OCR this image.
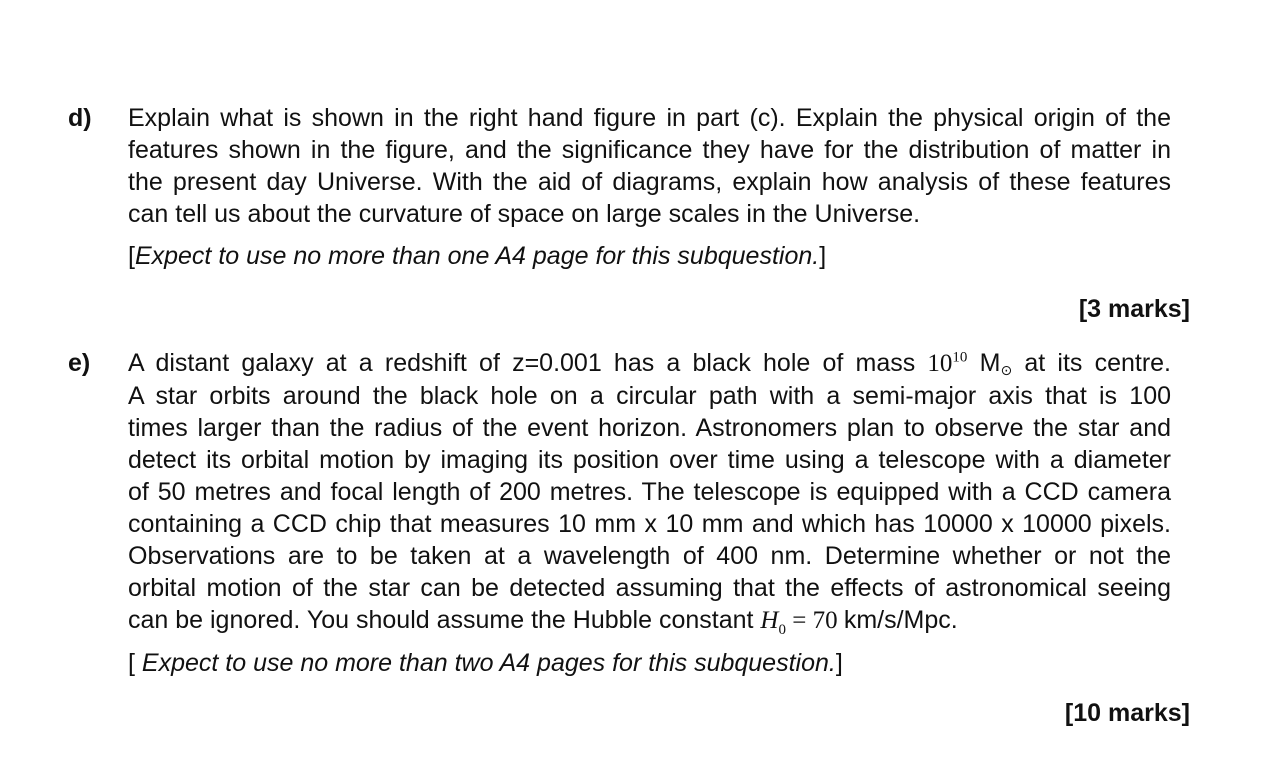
d) Explain what is shown in the right hand figure in part (c). Explain the physical origin of the
features shown in the figure, and the significance they have for the distribution of matter in
the present day Universe. With the aid of diagrams, explain how analysis of these features
can tell us about the curvature of space on large scales in the Universe.
[Expect to use no more than one A4 page for this subquestion.]
[3 marks]
e) A distant galaxy at a redshift of z=0.001 has a black hole of mass $10^{10}$ $M_⊙$ at its centre.
A star orbits around the black hole on a circular path with a semi-major axis that is 100
times larger than the radius of the event horizon. Astronomers plan to observe the star and
detect its orbital motion by imaging its position over time using a telescope with a diameter
of 50 metres and focal length of 200 metres. The telescope is equipped with a CCD camera
containing a CCD chip that measures 10 mm x 10 mm and which has 10000 x 10000 pixels.
Observations are to be taken at a wavelength of 400 nm. Determine whether or not the
orbital motion of the star can be detected assuming that the effects of astronomical seeing
can be ignored. You should assume the Hubble constant $H_0 = 70$ km/s/Mpc.
[ Expect to use no more than two A4 pages for this subquestion.]
[10 marks]
